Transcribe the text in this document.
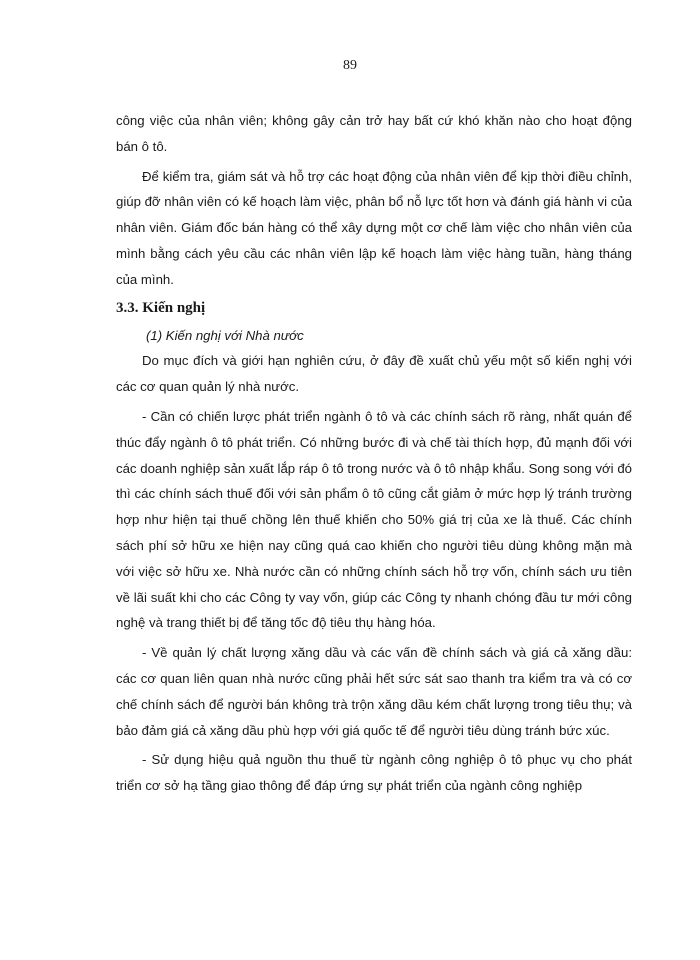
89

công việc của nhân viên; không gây cản trở hay bất cứ khó khăn nào cho hoạt động bán ô tô.

Để kiểm tra, giám sát và hỗ trợ các hoạt động của nhân viên để kịp thời điều chỉnh, giúp đỡ nhân viên có kế hoạch làm việc, phân bổ nỗ lực tốt hơn và đánh giá hành vi của nhân viên. Giám đốc bán hàng có thể xây dựng một cơ chế làm việc cho nhân viên của mình bằng cách yêu cầu các nhân viên lập kế hoạch làm việc hàng tuần, hàng tháng của mình.

3.3. Kiến nghị

(1) Kiến nghị với Nhà nước

Do mục đích và giới hạn nghiên cứu, ở đây đề xuất chủ yếu một số kiến nghị với các cơ quan quản lý nhà nước.

- Cần có chiến lược phát triển ngành ô tô và các chính sách rõ ràng, nhất quán để thúc đẩy ngành ô tô phát triển. Có những bước đi và chế tài thích hợp, đủ mạnh đối với các doanh nghiệp sản xuất lắp ráp ô tô trong nước và ô tô nhập khẩu. Song song với đó thì các chính sách thuế đối với sản phẩm ô tô cũng cắt giảm ở mức hợp lý tránh trường hợp như hiện tại thuế chồng lên thuế khiến cho 50% giá trị của xe là thuế. Các chính sách phí sở hữu xe hiện nay cũng quá cao khiến cho người tiêu dùng không mặn mà với việc sở hữu xe. Nhà nước cần có những chính sách hỗ trợ vốn, chính sách ưu tiên về lãi suất khi cho các Công ty vay vốn, giúp các Công ty nhanh chóng đầu tư mới công nghệ và trang thiết bị để tăng tốc độ tiêu thụ hàng hóa.

- Về quản lý chất lượng xăng dầu và các vấn đề chính sách và giá cả xăng dầu: các cơ quan liên quan nhà nước cũng phải hết sức sát sao thanh tra kiểm tra và có cơ chế chính sách để người bán không trà trộn xăng dầu kém chất lượng trong tiêu thụ; và bảo đảm giá cả xăng dầu phù hợp với giá quốc tế để người tiêu dùng tránh bức xúc.

- Sử dụng hiệu quả nguồn thu thuế từ ngành công nghiệp ô tô phục vụ cho phát triển cơ sở hạ tầng giao thông để đáp ứng sự phát triển của ngành công nghiệp
